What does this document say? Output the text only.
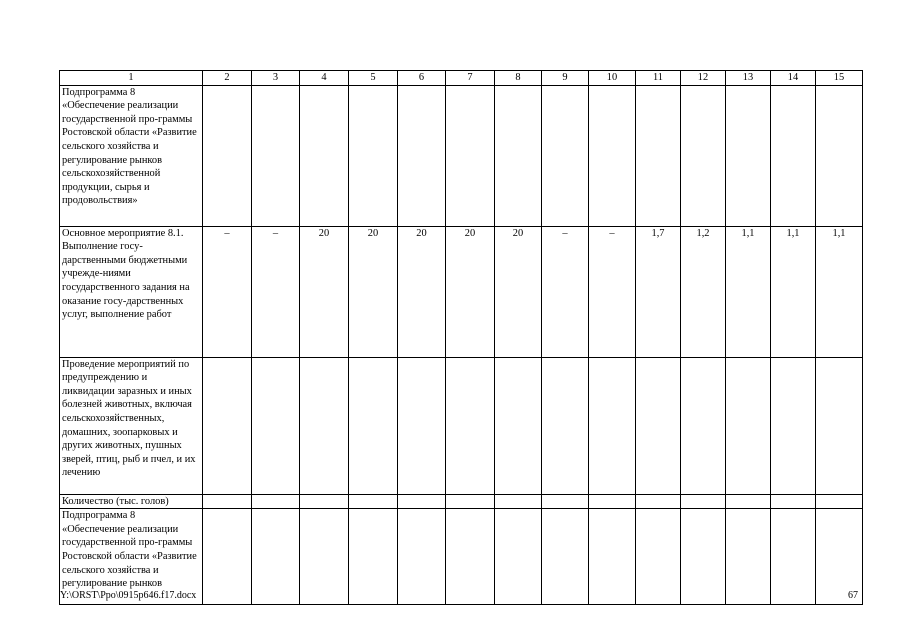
1	2	3	4	5	6	7	8	9	10	11	12	13	14	15

Подпрограмма 8 «Обеспечение реализации государственной про-граммы Ростовской области «Развитие сельского хозяйства и регулирование рынков сельскохозяйственной продукции, сырья и продовольствия»														

Основное мероприятие 8.1. Выполнение госу-дарственными бюджетными учрежде-ниями государственного задания на оказание госу-дарственных услуг, выполнение работ	–	–	20	20	20	20	20	–	–	1,7	1,2	1,1	1,1	1,1

Проведение мероприятий по предупреждению и ликвидации заразных и иных болезней животных, включая сельскохозяйственных, домашних, зоопарковых и других животных, пушных зверей, птиц, рыб и пчел, и их лечению														

Количество (тыс. голов)														

Подпрограмма 8 «Обеспечение реализации государственной про-граммы Ростовской области «Развитие сельского хозяйства и регулирование рынков														

Y:\ORST\Ppo\0915p646.f17.docx	67
